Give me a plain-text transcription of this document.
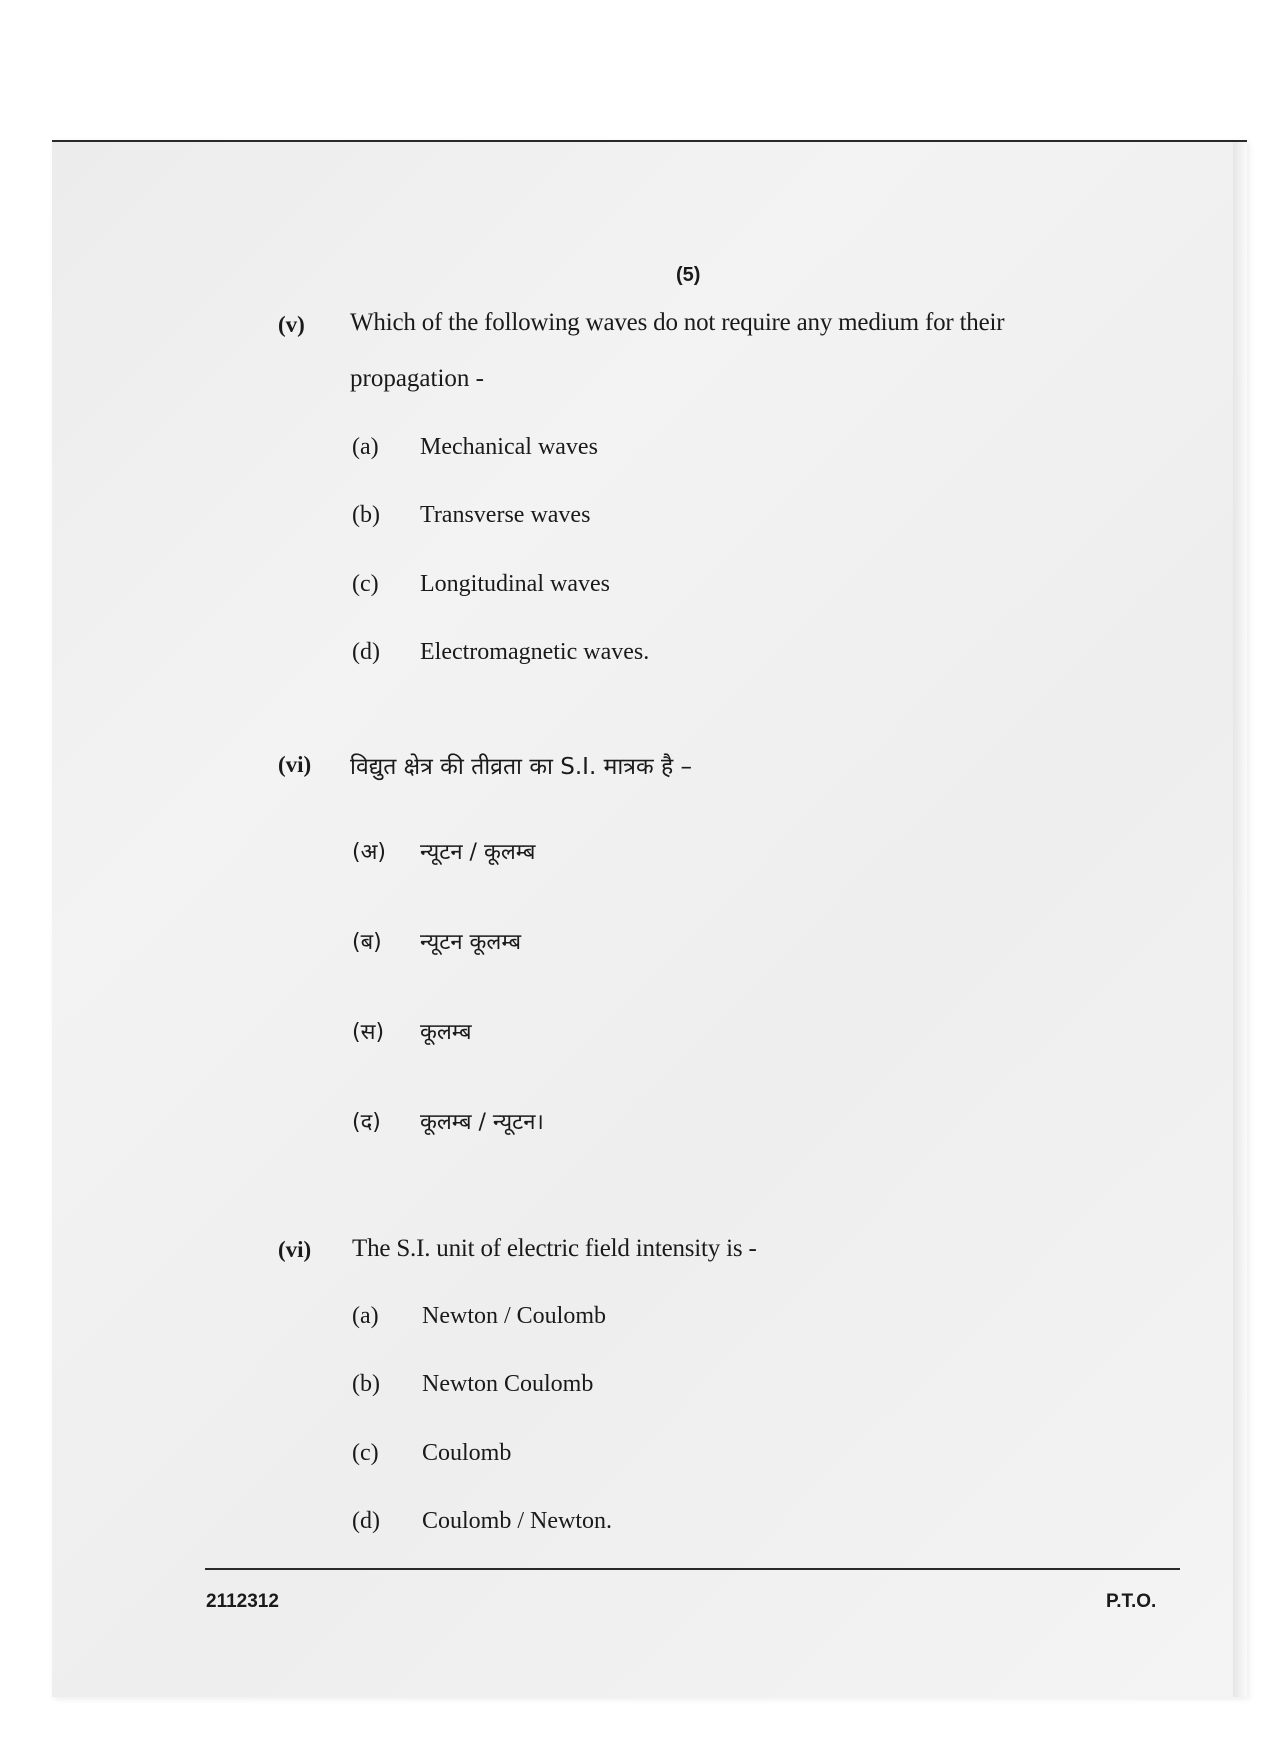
(5)
(v) Which of the following waves do not require any medium for their
propagation -
(a) Mechanical waves
(b) Transverse waves
(c) Longitudinal waves
(d) Electromagnetic waves.
(vi) विद्युत क्षेत्र की तीव्रता का S.I. मात्रक है –
(अ) न्यूटन / कूलम्ब
(ब) न्यूटन कूलम्ब
(स) कूलम्ब
(द) कूलम्ब / न्यूटन।
(vi) The S.I. unit of electric field intensity is -
(a) Newton / Coulomb
(b) Newton Coulomb
(c) Coulomb
(d) Coulomb / Newton.
2112312	P.T.O.
